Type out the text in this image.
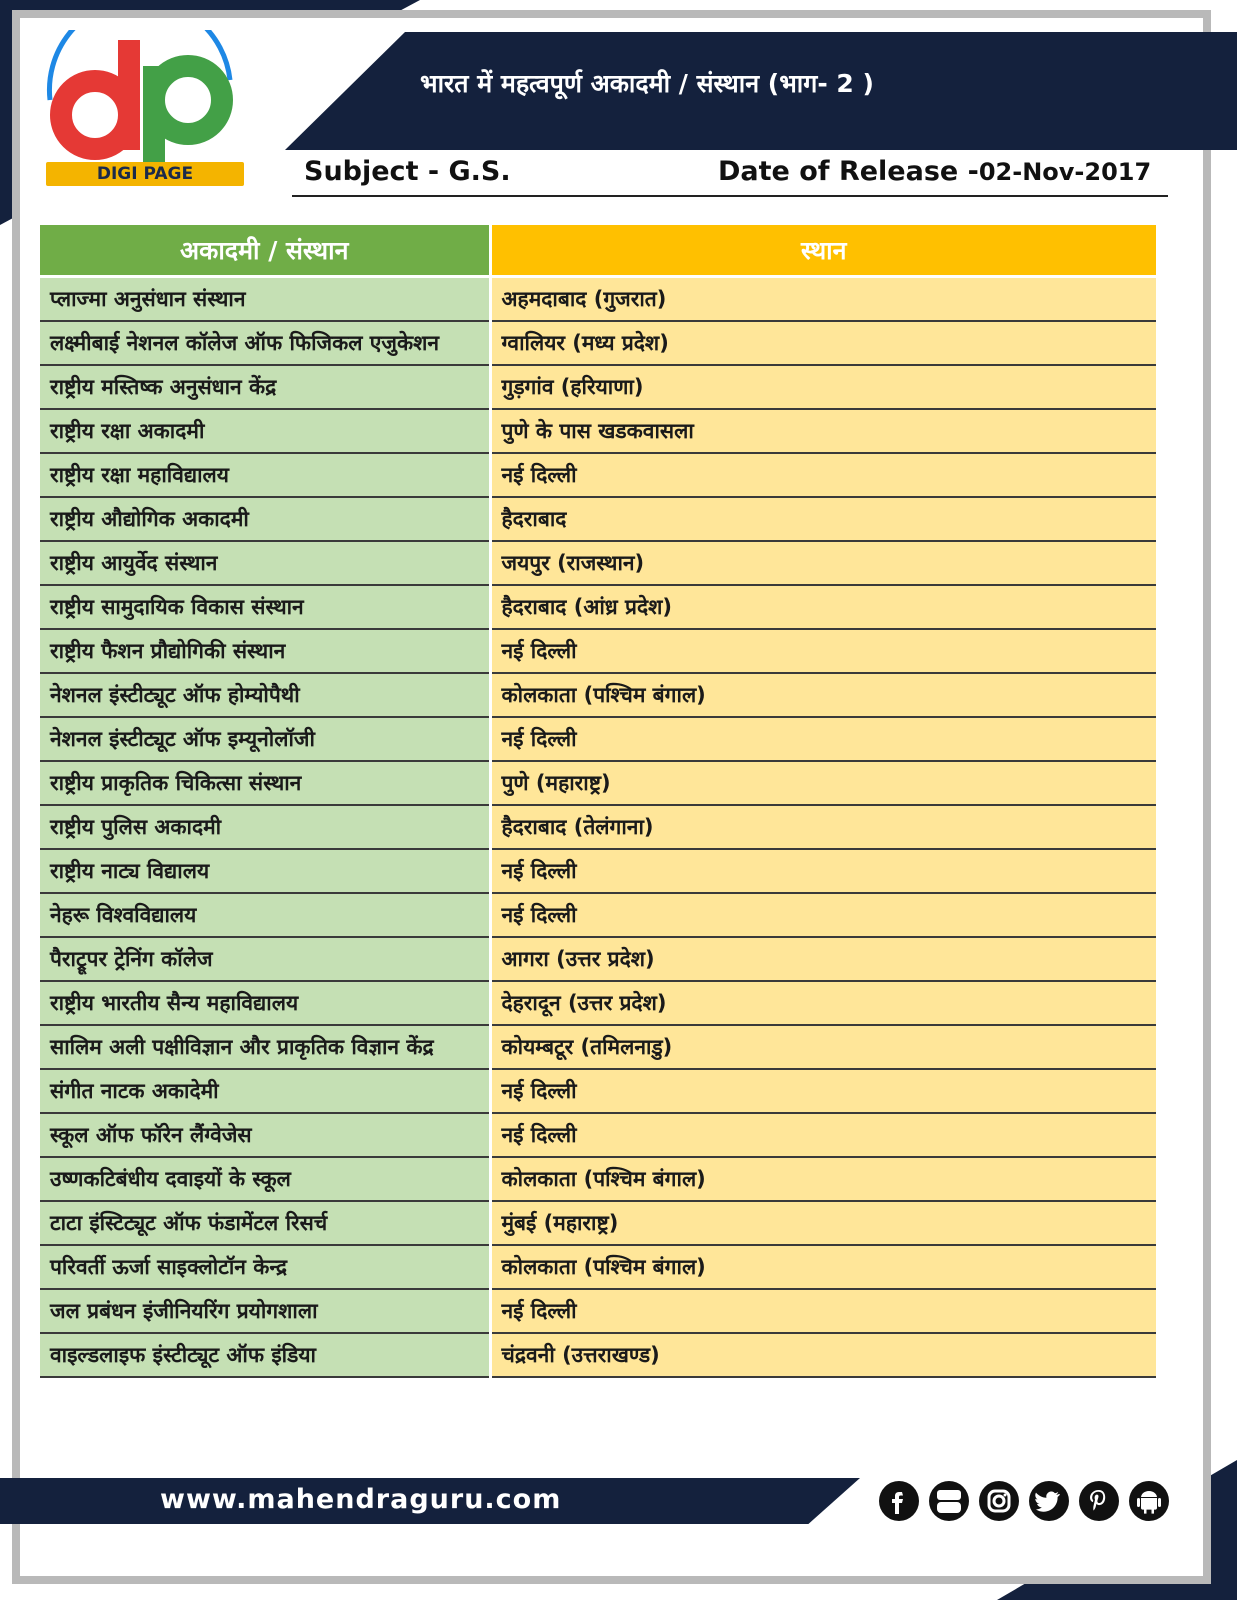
भारत में महत्वपूर्ण अकादमी / संस्थान (भाग- 2 )
DIGI PAGE	Subject - G.S.	Date of Release -02-Nov-2017
अकादमी / संस्थान	स्थान
प्लाज्मा अनुसंधान संस्थान	अहमदाबाद (गुजरात)
लक्ष्मीबाई नेशनल कॉलेज ऑफ फिजिकल एजुकेशन	ग्वालियर (मध्य प्रदेश)
राष्ट्रीय मस्तिष्क अनुसंधान केंद्र	गुड़गांव (हरियाणा)
राष्ट्रीय रक्षा अकादमी	पुणे के पास खडकवासला
राष्ट्रीय रक्षा महाविद्यालय	नई दिल्ली
राष्ट्रीय औद्योगिक अकादमी	हैदराबाद
राष्ट्रीय आयुर्वेद संस्थान	जयपुर (राजस्थान)
राष्ट्रीय सामुदायिक विकास संस्थान	हैदराबाद (आंध्र प्रदेश)
राष्ट्रीय फैशन प्रौद्योगिकी संस्थान	नई दिल्ली
नेशनल इंस्टीट्यूट ऑफ होम्योपैथी	कोलकाता (पश्चिम बंगाल)
नेशनल इंस्टीट्यूट ऑफ इम्यूनोलॉजी	नई दिल्ली
राष्ट्रीय प्राकृतिक चिकित्सा संस्थान	पुणे (महाराष्ट्र)
राष्ट्रीय पुलिस अकादमी	हैदराबाद (तेलंगाना)
राष्ट्रीय नाट्य विद्यालय	नई दिल्ली
नेहरू विश्वविद्यालय	नई दिल्ली
पैराट्रूपर ट्रेनिंग कॉलेज	आगरा (उत्तर प्रदेश)
राष्ट्रीय भारतीय सैन्य महाविद्यालय	देहरादून (उत्तर प्रदेश)
सालिम अली पक्षीविज्ञान और प्राकृतिक विज्ञान केंद्र	कोयम्बटूर (तमिलनाडु)
संगीत नाटक अकादेमी	नई दिल्ली
स्कूल ऑफ फॉरेन लैंग्वेजेस	नई दिल्ली
उष्णकटिबंधीय दवाइयों के स्कूल	कोलकाता (पश्चिम बंगाल)
टाटा इंस्टिट्यूट ऑफ फंडामेंटल रिसर्च	मुंबई (महाराष्ट्र)
परिवर्ती ऊर्जा साइक्लोटॉन केन्द्र	कोलकाता (पश्चिम बंगाल)
जल प्रबंधन इंजीनियरिंग प्रयोगशाला	नई दिल्ली
वाइल्डलाइफ इंस्टीट्यूट ऑफ इंडिया	चंद्रवनी (उत्तराखण्ड)
www.mahendraguru.com
